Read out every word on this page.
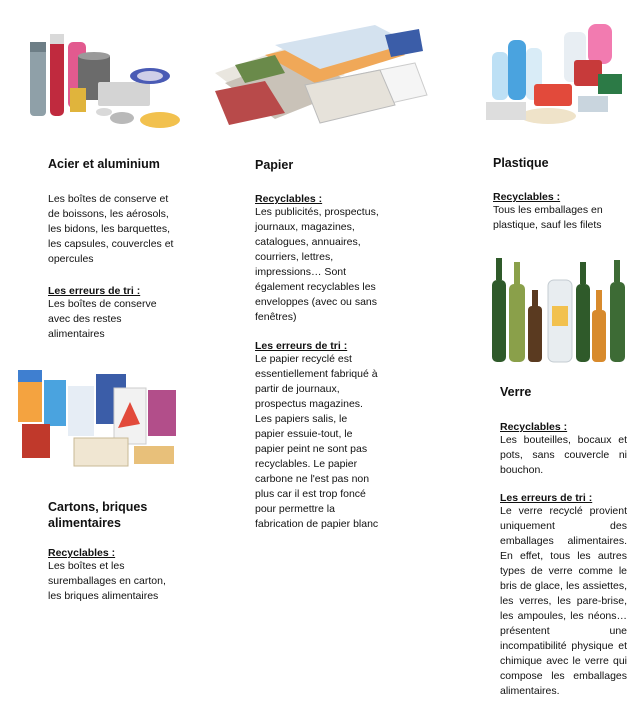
Acier et aluminium
Les boîtes de conserve et de boissons, les aérosols, les bidons, les barquettes, les capsules, couvercles et opercules
Les erreurs de tri :
Les boîtes de conserve avec des restes alimentaires
Papier
Recyclables :
Les publicités, prospectus, journaux, magazines, catalogues, annuaires, courriers, lettres, impressions… Sont également recyclables les enveloppes (avec ou sans fenêtres)
Les erreurs de tri :
Le papier recyclé est essentiellement fabriqué à partir de journaux, prospectus magazines. Les papiers salis, le papier essuie-tout, le papier peint ne sont pas recyclables. Le papier carbone ne l'est pas non plus car il est trop foncé pour permettre la fabrication de papier blanc
Plastique
Recyclables :
Tous les emballages en plastique, sauf les filets
Cartons, briques alimentaires
Recyclables :
Les boîtes et les suremballages en carton, les briques alimentaires
Verre
Recyclables :
Les bouteilles, bocaux et pots, sans couvercle ni bouchon.
Les erreurs de tri :
Le verre recyclé provient uniquement des emballages alimentaires. En effet, tous les autres types de verre comme le bris de glace, les assiettes, les verres, les pare-brise, les ampoules, les néons… présentent une incompatibilité physique et chimique avec le verre qui compose les emballages alimentaires.
